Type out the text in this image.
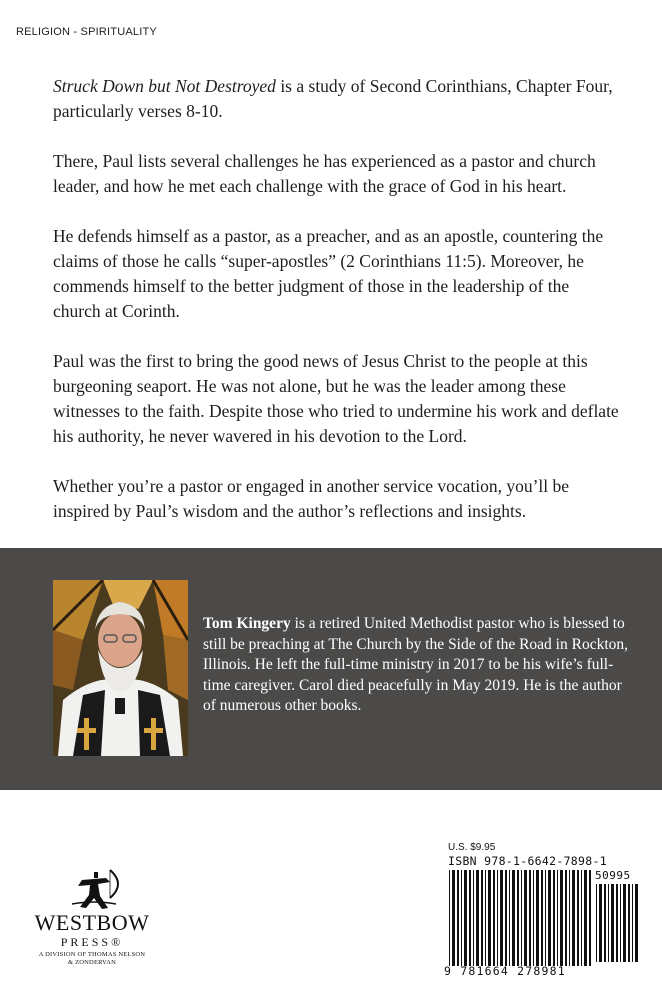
RELIGION - SPIRITUALITY

Struck Down but Not Destroyed is a study of Second Corinthians, Chapter Four, particularly verses 8-10.

There, Paul lists several challenges he has experienced as a pastor and church leader, and how he met each challenge with the grace of God in his heart.

He defends himself as a pastor, as a preacher, and as an apostle, countering the claims of those he calls “super-apostles” (2 Corinthians 11:5). Moreover, he commends himself to the better judgment of those in the leadership of the church at Corinth.

Paul was the first to bring the good news of Jesus Christ to the people at this burgeoning seaport. He was not alone, but he was the leader among these witnesses to the faith. Despite those who tried to undermine his work and deflate his authority, he never wavered in his devotion to the Lord.

Whether you’re a pastor or engaged in another service vocation, you’ll be inspired by Paul’s wisdom and the author’s reflections and insights.

Tom Kingery is a retired United Methodist pastor who is blessed to still be preaching at The Church by the Side of the Road in Rockton, Illinois. He left the full-time ministry in 2017 to be his wife’s full-time caregiver. Carol died peacefully in May 2019. He is the author of numerous other books.
WESTBOW
PRESS®
A DIVISION OF THOMAS NELSON
& ZONDERVAN
U.S. $9.95
ISBN 978-1-6642-7898-1
50995
9 781664 278981
